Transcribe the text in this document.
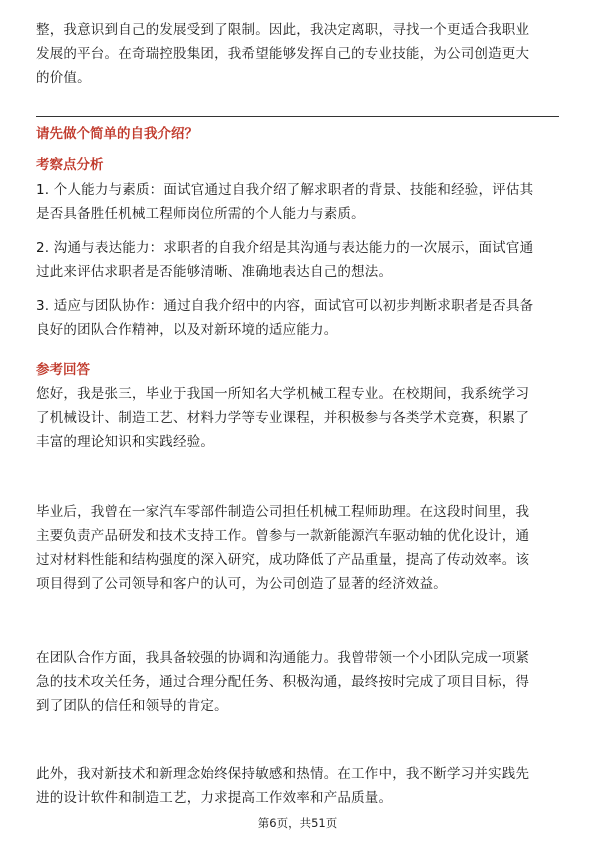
整，我意识到自己的发展受到了限制。因此，我决定离职，寻找一个更适合我职业
发展的平台。在奇瑞控股集团，我希望能够发挥自己的专业技能，为公司创造更大
的价值。

请先做个简单的自我介绍？

考察点分析

1. 个人能力与素质：面试官通过自我介绍了解求职者的背景、技能和经验，评估其
是否具备胜任机械工程师岗位所需的个人能力与素质。

2. 沟通与表达能力：求职者的自我介绍是其沟通与表达能力的一次展示，面试官通
过此来评估求职者是否能够清晰、准确地表达自己的想法。

3. 适应与团队协作：通过自我介绍中的内容，面试官可以初步判断求职者是否具备
良好的团队合作精神，以及对新环境的适应能力。

参考回答

您好，我是张三，毕业于我国一所知名大学机械工程专业。在校期间，我系统学习
了机械设计、制造工艺、材料力学等专业课程，并积极参与各类学术竞赛，积累了
丰富的理论知识和实践经验。

毕业后，我曾在一家汽车零部件制造公司担任机械工程师助理。在这段时间里，我
主要负责产品研发和技术支持工作。曾参与一款新能源汽车驱动轴的优化设计，通
过对材料性能和结构强度的深入研究，成功降低了产品重量，提高了传动效率。该
项目得到了公司领导和客户的认可，为公司创造了显著的经济效益。

在团队合作方面，我具备较强的协调和沟通能力。我曾带领一个小团队完成一项紧
急的技术攻关任务，通过合理分配任务、积极沟通，最终按时完成了项目目标，得
到了团队的信任和领导的肯定。

此外，我对新技术和新理念始终保持敏感和热情。在工作中，我不断学习并实践先
进的设计软件和制造工艺，力求提高工作效率和产品质量。

第6页，共51页
